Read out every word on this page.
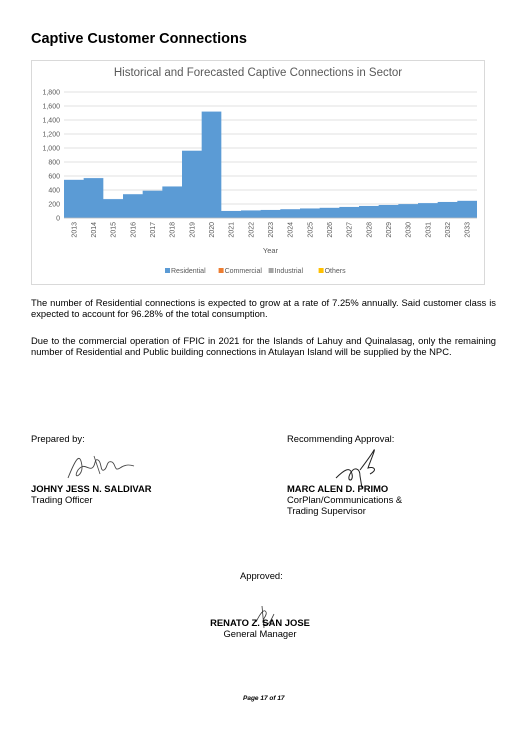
Captive Customer Connections
Historical and Forecasted Captive Connections in Sector
0
200
400
600
800
1,000
1,200
1,400
1,600
1,800
2013 2014 2015 2016 2017 2018 2019 2020 2021 2022 2023 2024 2025 2026 2027 2028 2029 2030 2031 2032 2033
Year
Residential	Commercial Industrial	Others
The number of Residential connections is expected to grow at a rate of 7.25% annually. Said customer class is expected to account for 96.28% of the total consumption.
Due to the commercial operation of FPIC in 2021 for the Islands of Lahuy and Quinalasag, only the remaining number of Residential and Public building connections in Atulayan Island will be supplied by the NPC.
Prepared by:
JOHNY JESS N. SALDIVAR
Trading Officer
Recommending Approval:
MARC ALEN D. PRIMO
CorPlan/Communications &
Trading Supervisor
Approved:
RENATO Z. SAN JOSE
General Manager
Page 17 of 17
